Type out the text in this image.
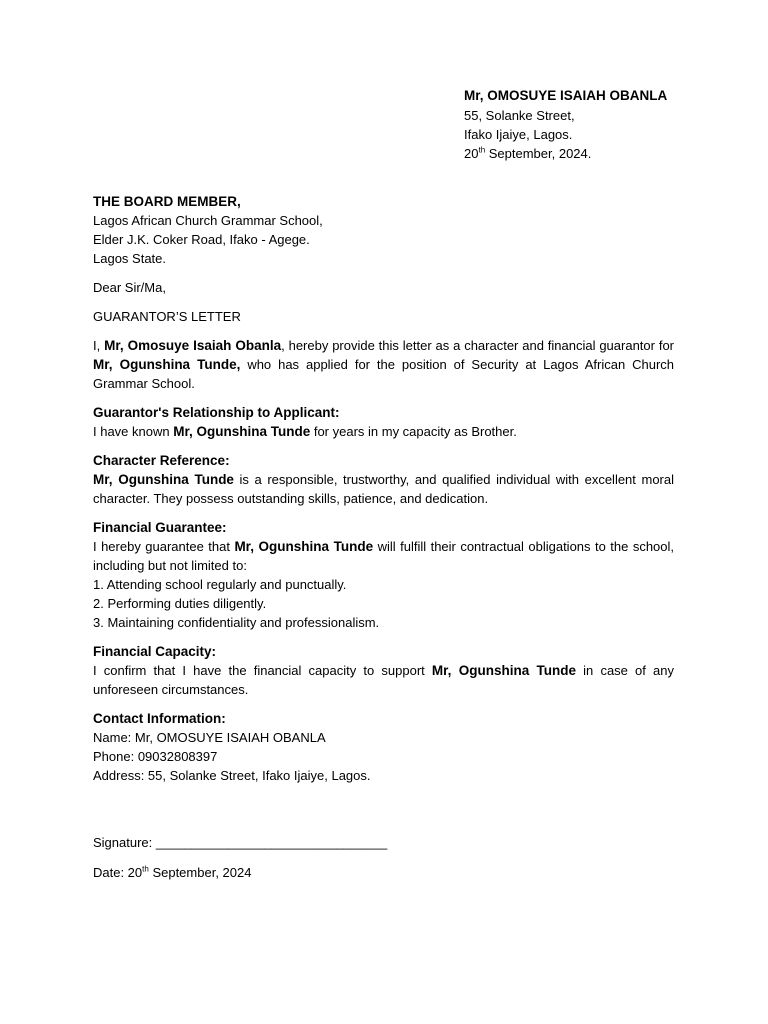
Mr, OMOSUYE ISAIAH OBANLA
55, Solanke Street,
Ifako Ijaiye, Lagos.
20th September, 2024.
THE BOARD MEMBER,
Lagos African Church Grammar School,
Elder J.K. Coker Road, Ifako - Agege.
Lagos State.

Dear Sir/Ma,

GUARANTOR’S LETTER

I, Mr, Omosuye Isaiah Obanla, hereby provide this letter as a character and financial guarantor for Mr, Ogunshina Tunde, who has applied for the position of Security at Lagos African Church Grammar School.

Guarantor's Relationship to Applicant:

I have known Mr, Ogunshina Tunde for years in my capacity as Brother.

Character Reference:

Mr, Ogunshina Tunde is a responsible, trustworthy, and qualified individual with excellent moral character. They possess outstanding skills, patience, and dedication.

Financial Guarantee:

I hereby guarantee that Mr, Ogunshina Tunde will fulfill their contractual obligations to the school, including but not limited to:

1. Attending school regularly and punctually.
2. Performing duties diligently.
3. Maintaining confidentiality and professionalism.
Financial Capacity:

I confirm that I have the financial capacity to support Mr, Ogunshina Tunde in case of any unforeseen circumstances.

Contact Information:
Name: Mr, OMOSUYE ISAIAH OBANLA
Phone: 09032808397
Address: 55, Solanke Street, Ifako Ijaiye, Lagos.

Signature: ________________________________

Date: 20th September, 2024
